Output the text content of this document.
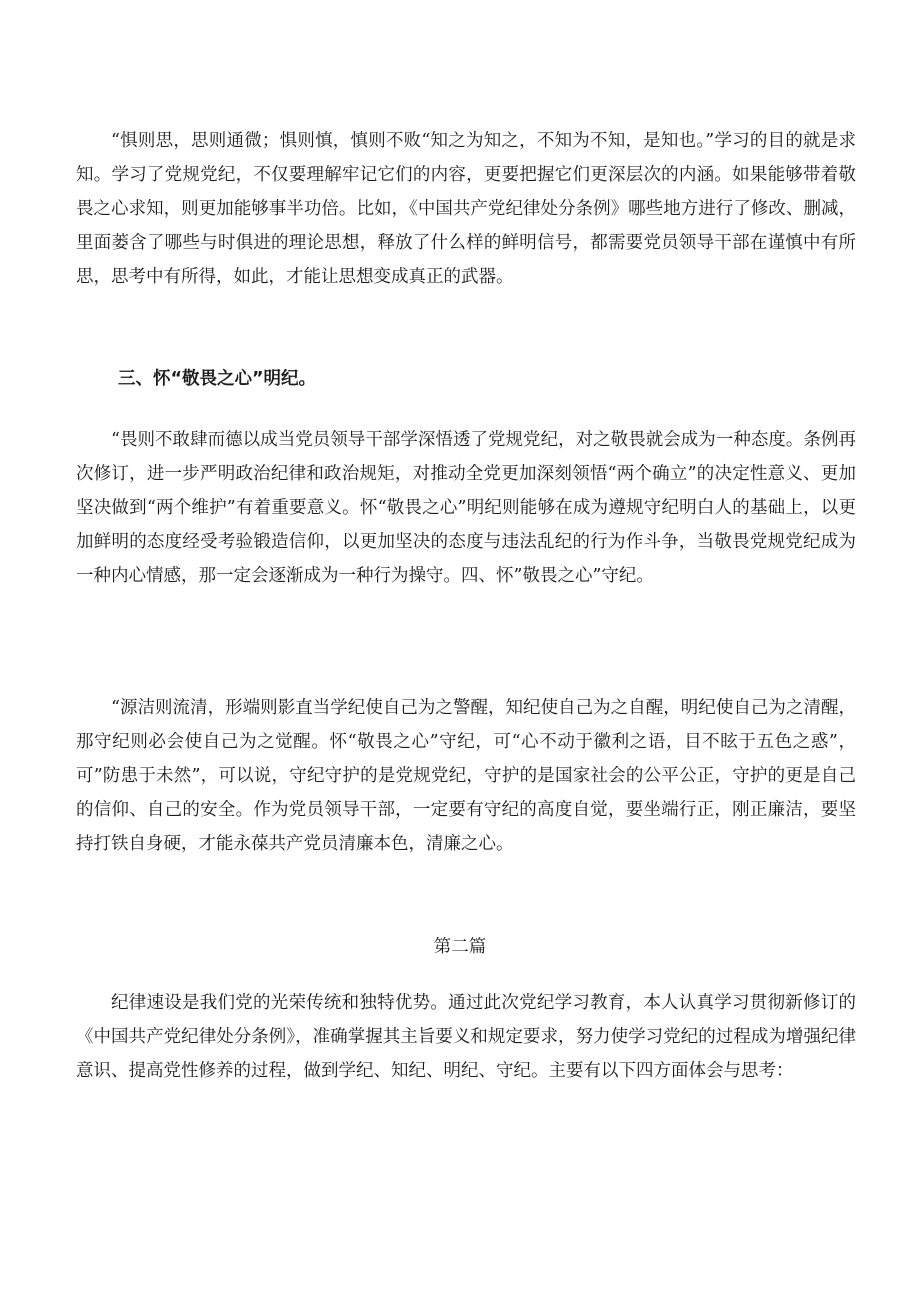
“惧则思，思则通微；惧则慎，慎则不败“知之为知之，不知为不知，是知也。”学习的目的就是求知。学习了党规党纪，不仅要理解牢记它们的内容，更要把握它们更深层次的内涵。如果能够带着敬畏之心求知，则更加能够事半功倍。比如，《中国共产党纪律处分条例》哪些地方进行了修改、删减，里面蒌含了哪些与时俱进的理论思想，释放了什么样的鲜明信号，都需要党员领导干部在谨慎中有所思，思考中有所得，如此，才能让思想变成真正的武器。

三、怀“敬畏之心”明纪。

“畏则不敢肆而德以成当党员领导干部学深悟透了党规党纪，对之敬畏就会成为一种态度。条例再次修订，进一步严明政治纪律和政治规矩，对推动全党更加深刻领悟“两个确立”的决定性意义、更加坚决做到“两个维护”有着重要意义。怀“敬畏之心”明纪则能够在成为遵规守纪明白人的基础上，以更加鲜明的态度经受考验锻造信仰，以更加坚决的态度与违法乱纪的行为作斗争，当敬畏党规党纪成为一种内心情感，那一定会逐渐成为一种行为操守。四、怀”敬畏之心”守纪。

“源洁则流清，形端则影直当学纪使自己为之警醒，知纪使自己为之自醒，明纪使自己为之清醒，那守纪则必会使自己为之觉醒。怀“敬畏之心”守纪，可“心不动于徽利之语，目不眩于五色之惑”，可”防患于未然”，可以说，守纪守护的是党规党纪，守护的是国家社会的公平公正，守护的更是自己的信仰、自己的安全。作为党员领导干部，一定要有守纪的高度自觉，要坐端行正，刚正廉洁，要坚持打铁自身硬，才能永葆共产党员清廉本色，清廉之心。

第二篇

纪律速设是我们党的光荣传统和独特优势。通过此次党纪学习教育，本人认真学习贯彻新修订的《中国共产党纪律处分条例》，准确掌握其主旨要义和规定要求，努力使学习党纪的过程成为增强纪律意识、提高党性修养的过程，做到学纪、知纪、明纪、守纪。主要有以下四方面体会与思考：
